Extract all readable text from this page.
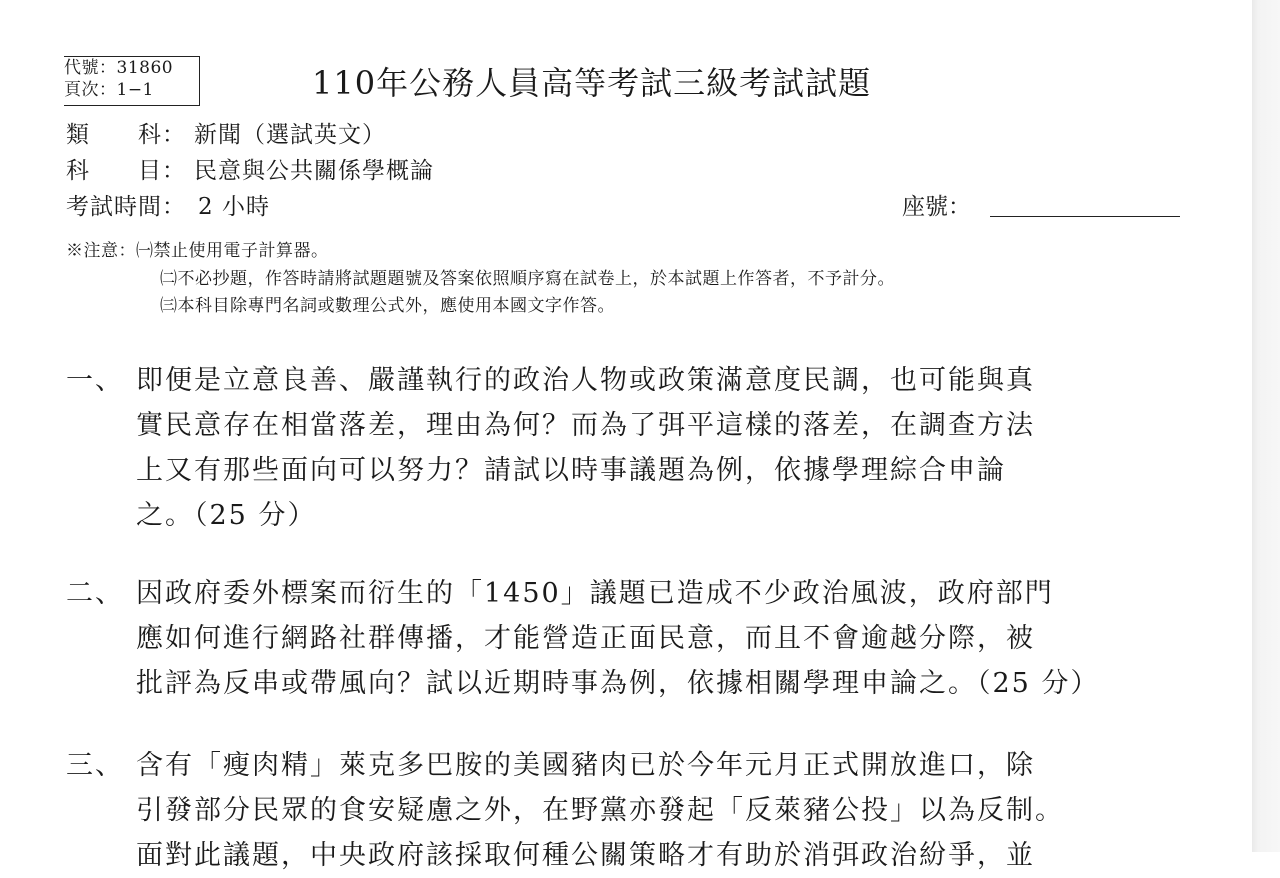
代號：31860
頁次：1−1	110年公務人員高等考試三級考試試題
類　　科： 新聞（選試英文）
科　　目： 民意與公共關係學概論
考試時間： 2 小時	座號：
※注意：㈠禁止使用電子計算器。
㈡不必抄題，作答時請將試題題號及答案依照順序寫在試卷上，於本試題上作答者，不予計分。
㈢本科目除專門名詞或數理公式外，應使用本國文字作答。
一、 即便是立意良善、嚴謹執行的政治人物或政策滿意度民調，也可能與真
實民意存在相當落差，理由為何？而為了弭平這樣的落差，在調查方法
上又有那些面向可以努力？請試以時事議題為例，依據學理綜合申論
之。（25 分）
二、 因政府委外標案而衍生的「1450」議題已造成不少政治風波，政府部門
應如何進行網路社群傳播，才能營造正面民意，而且不會逾越分際，被
批評為反串或帶風向？試以近期時事為例，依據相關學理申論之。（25 分）
三、 含有「瘦肉精」萊克多巴胺的美國豬肉已於今年元月正式開放進口，除
引發部分民眾的食安疑慮之外，在野黨亦發起「反萊豬公投」以為反制。
面對此議題，中央政府該採取何種公關策略才有助於消弭政治紛爭，並
